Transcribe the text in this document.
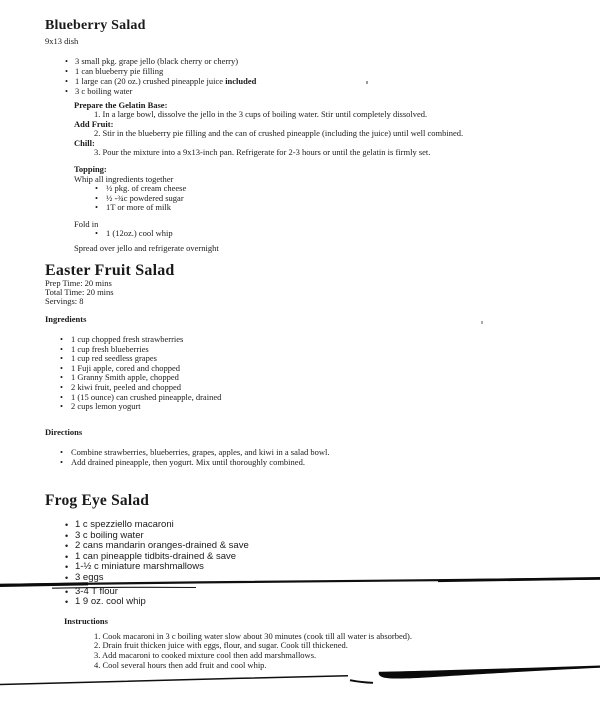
Blueberry Salad
9x13 dish
• 3 small pkg. grape jello (black cherry or cherry)
• 1 can blueberry pie filling
• 1 large can (20 oz.) crushed pineapple juice included
• 3 c boiling water
Prepare the Gelatin Base:
1. In a large bowl, dissolve the jello in the 3 cups of boiling water. Stir until completely dissolved.
Add Fruit:
2. Stir in the blueberry pie filling and the can of crushed pineapple (including the juice) until well combined.
Chill:
3. Pour the mixture into a 9x13-inch pan. Refrigerate for 2-3 hours or until the gelatin is firmly set.
Topping:
Whip all ingredients together
• ½ pkg. of cream cheese
• ½ -¾c powdered sugar
• 1T or more of milk
Fold in
• 1 (12oz.) cool whip
Spread over jello and refrigerate overnight
Easter Fruit Salad
Prep Time: 20 mins
Total Time: 20 mins
Servings: 8
Ingredients
• 1 cup chopped fresh strawberries
• 1 cup fresh blueberries
• 1 cup red seedless grapes
• 1 Fuji apple, cored and chopped
• 1 Granny Smith apple, chopped
• 2 kiwi fruit, peeled and chopped
• 1 (15 ounce) can crushed pineapple, drained
• 2 cups lemon yogurt
Directions
• Combine strawberries, blueberries, grapes, apples, and kiwi in a salad bowl.
• Add drained pineapple, then yogurt. Mix until thoroughly combined.
Frog Eye Salad
• 1 c spezziello macaroni
• 3 c boiling water
• 2 cans mandarin oranges-drained & save
• 1 can pineapple tidbits-drained & save
• 1-½ c miniature marshmallows
• 3 eggs
• 3-4 T flour
• 1 9 oz. cool whip
Instructions
1. Cook macaroni in 3 c boiling water slow about 30 minutes (cook till all water is absorbed).
2. Drain fruit thicken juice with eggs, flour, and sugar. Cook till thickened.
3. Add macaroni to cooked mixture cool then add marshmallows.
4. Cool several hours then add fruit and cool whip.
